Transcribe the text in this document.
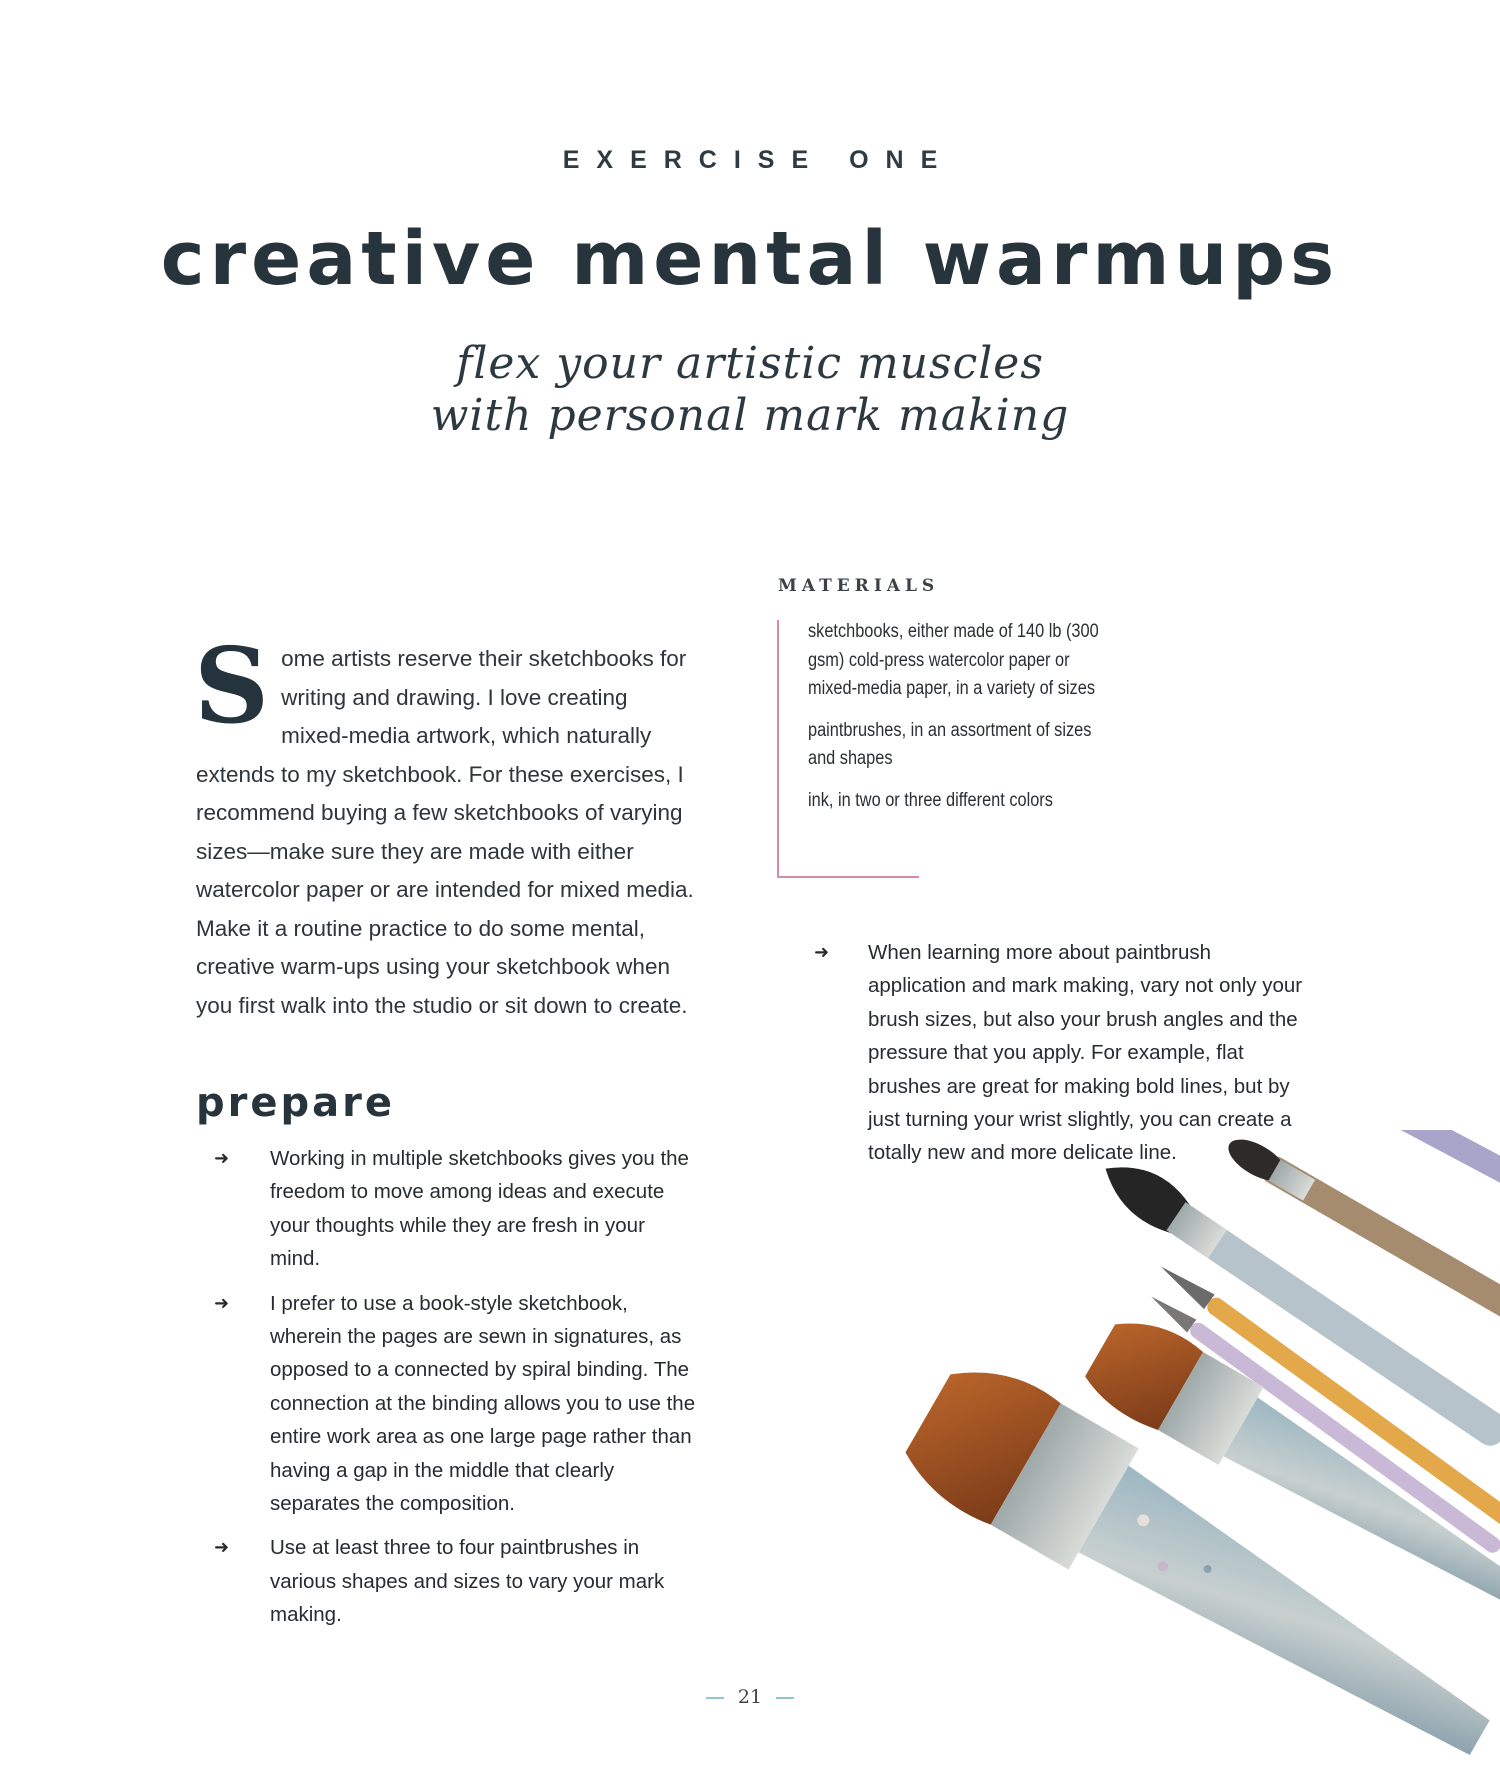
EXERCISE ONE
creative mental warmups
flex your artistic muscles
with personal mark making
S ome artists reserve their sketchbooks for writing and drawing. I love creating mixed-media artwork, which naturally extends to my sketchbook. For these exercises, I recommend buying a few sketchbooks of varying sizes—make sure they are made with either watercolor paper or are intended for mixed media. Make it a routine practice to do some mental, creative warm-ups using your sketchbook when you first walk into the studio or sit down to create.
prepare
➜ Working in multiple sketchbooks gives you the freedom to move among ideas and execute your thoughts while they are fresh in your mind.
➜ I prefer to use a book-style sketchbook, wherein the pages are sewn in signatures, as opposed to a connected by spiral binding. The connection at the binding allows you to use the entire work area as one large page rather than having a gap in the middle that clearly separates the composition.
➜ Use at least three to four paintbrushes in various shapes and sizes to vary your mark making.
MATERIALS
sketchbooks, either made of 140 lb (300 gsm) cold-press watercolor paper or mixed-media paper, in a variety of sizes
paintbrushes, in an assortment of sizes and shapes
ink, in two or three different colors
➜ When learning more about paintbrush application and mark making, vary not only your brush sizes, but also your brush angles and the pressure that you apply. For example, flat brushes are great for making bold lines, but by just turning your wrist slightly, you can create a totally new and more delicate line.
21
